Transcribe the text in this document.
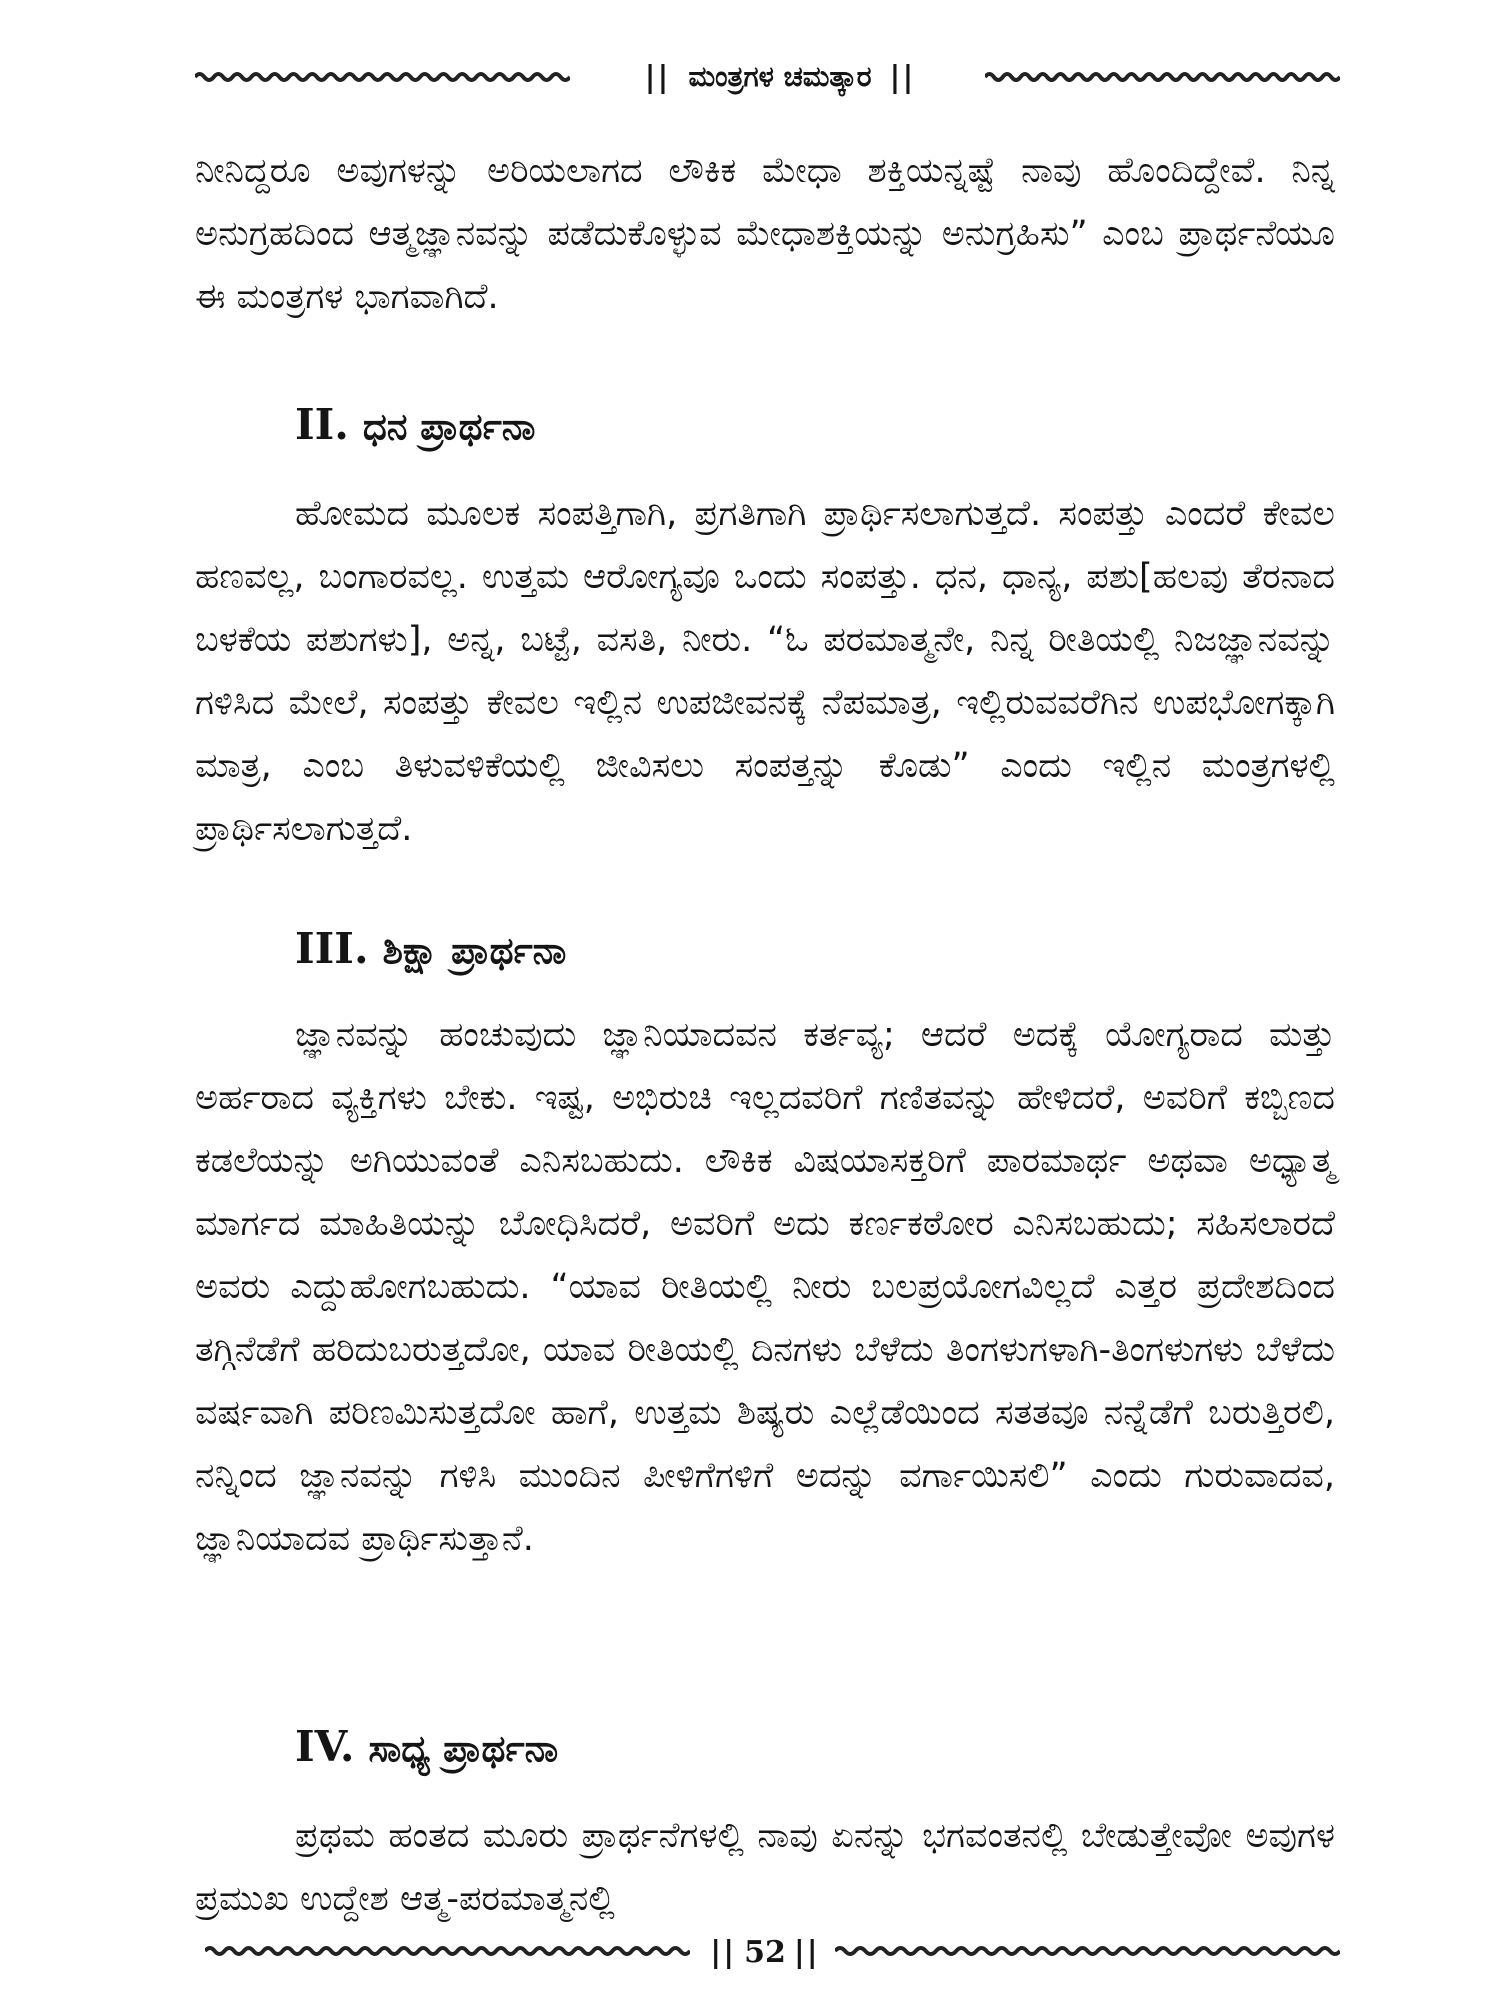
|| ಮಂತ್ರಗಳ ಚಮತ್ಕಾರ ||

ನೀನಿದ್ದರೂ ಅವುಗಳನ್ನು ಅರಿಯಲಾಗದ ಲೌಕಿಕ ಮೇಧಾ ಶಕ್ತಿಯನ್ನಷ್ಟೆ ನಾವು ಹೊಂದಿದ್ದೇವೆ. ನಿನ್ನ ಅನುಗ್ರಹದಿಂದ ಆತ್ಮಜ್ಞಾನವನ್ನು ಪಡೆದುಕೊಳ್ಳುವ ಮೇಧಾಶಕ್ತಿಯನ್ನು ಅನುಗ್ರಹಿಸು” ಎಂಬ ಪ್ರಾರ್ಥನೆಯೂ ಈ ಮಂತ್ರಗಳ ಭಾಗವಾಗಿದೆ.

II. ಧನ ಪ್ರಾರ್ಥನಾ

ಹೋಮದ ಮೂಲಕ ಸಂಪತ್ತಿಗಾಗಿ, ಪ್ರಗತಿಗಾಗಿ ಪ್ರಾರ್ಥಿಸಲಾಗುತ್ತದೆ. ಸಂಪತ್ತು ಎಂದರೆ ಕೇವಲ ಹಣವಲ್ಲ, ಬಂಗಾರವಲ್ಲ. ಉತ್ತಮ ಆರೋಗ್ಯವೂ ಒಂದು ಸಂಪತ್ತು. ಧನ, ಧಾನ್ಯ, ಪಶು[ಹಲವು ತೆರನಾದ ಬಳಕೆಯ ಪಶುಗಳು], ಅನ್ನ, ಬಟ್ಟೆ, ವಸತಿ, ನೀರು. “ಓ ಪರಮಾತ್ಮನೇ, ನಿನ್ನ ರೀತಿಯಲ್ಲಿ ನಿಜಜ್ಞಾನವನ್ನು ಗಳಿಸಿದ ಮೇಲೆ, ಸಂಪತ್ತು ಕೇವಲ ಇಲ್ಲಿನ ಉಪಜೀವನಕ್ಕೆ ನೆಪಮಾತ್ರ, ಇಲ್ಲಿರುವವರೆಗಿನ ಉಪಭೋಗಕ್ಕಾಗಿ ಮಾತ್ರ, ಎಂಬ ತಿಳುವಳಿಕೆಯಲ್ಲಿ ಜೀವಿಸಲು ಸಂಪತ್ತನ್ನು ಕೊಡು” ಎಂದು ಇಲ್ಲಿನ ಮಂತ್ರಗಳಲ್ಲಿ ಪ್ರಾರ್ಥಿಸಲಾಗುತ್ತದೆ.

III. ಶಿಕ್ಷಾ ಪ್ರಾರ್ಥನಾ

ಜ್ಞಾನವನ್ನು ಹಂಚುವುದು ಜ್ಞಾನಿಯಾದವನ ಕರ್ತವ್ಯ; ಆದರೆ ಅದಕ್ಕೆ ಯೋಗ್ಯರಾದ ಮತ್ತು ಅರ್ಹರಾದ ವ್ಯಕ್ತಿಗಳು ಬೇಕು. ಇಷ್ಟ, ಅಭಿರುಚಿ ಇಲ್ಲದವರಿಗೆ ಗಣಿತವನ್ನು ಹೇಳಿದರೆ, ಅವರಿಗೆ ಕಬ್ಬಿಣದ ಕಡಲೆಯನ್ನು ಅಗಿಯುವಂತೆ ಎನಿಸಬಹುದು. ಲೌಕಿಕ ವಿಷಯಾಸಕ್ತರಿಗೆ ಪಾರಮಾರ್ಥ ಅಥವಾ ಅಧ್ಯಾತ್ಮ ಮಾರ್ಗದ ಮಾಹಿತಿಯನ್ನು ಬೋಧಿಸಿದರೆ, ಅವರಿಗೆ ಅದು ಕರ್ಣಕಠೋರ ಎನಿಸಬಹುದು; ಸಹಿಸಲಾರದೆ ಅವರು ಎದ್ದುಹೋಗಬಹುದು. “ಯಾವ ರೀತಿಯಲ್ಲಿ ನೀರು ಬಲಪ್ರಯೋಗವಿಲ್ಲದೆ ಎತ್ತರ ಪ್ರದೇಶದಿಂದ ತಗ್ಗಿನೆಡೆಗೆ ಹರಿದುಬರುತ್ತದೋ, ಯಾವ ರೀತಿಯಲ್ಲಿ ದಿನಗಳು ಬೆಳೆದು ತಿಂಗಳುಗಳಾಗಿ-ತಿಂಗಳುಗಳು ಬೆಳೆದು ವರ್ಷವಾಗಿ ಪರಿಣಮಿಸುತ್ತದೋ ಹಾಗೆ, ಉತ್ತಮ ಶಿಷ್ಯರು ಎಲ್ಲೆಡೆಯಿಂದ ಸತತವೂ ನನ್ನೆಡೆಗೆ ಬರುತ್ತಿರಲಿ, ನನ್ನಿಂದ ಜ್ಞಾನವನ್ನು ಗಳಿಸಿ ಮುಂದಿನ ಪೀಳಿಗೆಗಳಿಗೆ ಅದನ್ನು ವರ್ಗಾಯಿಸಲಿ” ಎಂದು ಗುರುವಾದವ, ಜ್ಞಾನಿಯಾದವ ಪ್ರಾರ್ಥಿಸುತ್ತಾನೆ.

IV. ಸಾಧ್ಯ ಪ್ರಾರ್ಥನಾ

ಪ್ರಥಮ ಹಂತದ ಮೂರು ಪ್ರಾರ್ಥನೆಗಳಲ್ಲಿ ನಾವು ಏನನ್ನು ಭಗವಂತನಲ್ಲಿ ಬೇಡುತ್ತೇವೋ ಅವುಗಳ ಪ್ರಮುಖ ಉದ್ದೇಶ ಆತ್ಮ-ಪರಮಾತ್ಮನಲ್ಲಿ

|| 52 ||
